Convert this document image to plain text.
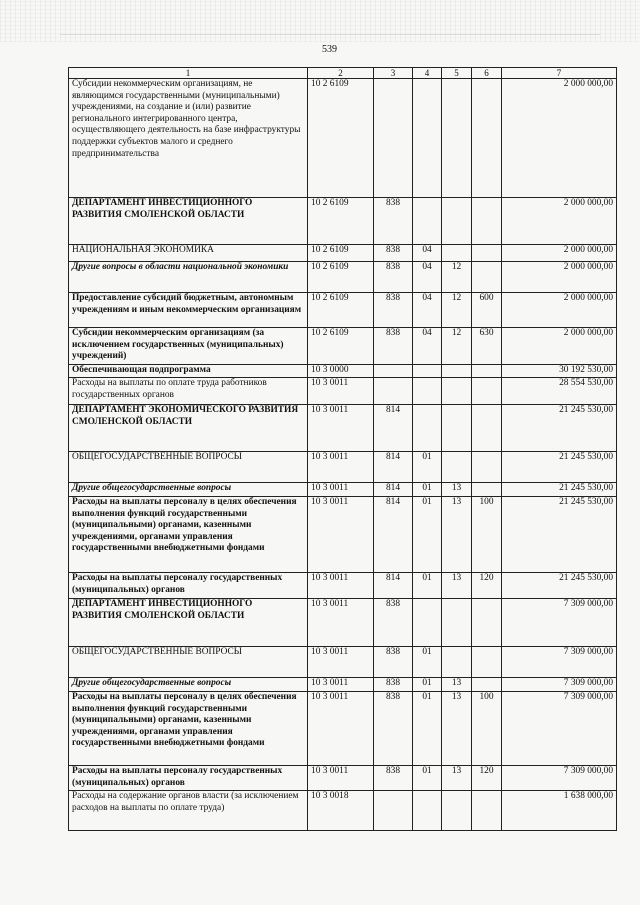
539
1	2	3	4	5	6	7
Субсидии некоммерческим организациям, не являющимся государственными (муниципальными) учреждениями, на создание и (или) развитие регионального интегрированного центра, осуществляющего деятельность на базе инфраструктуры поддержки субъектов малого и среднего предпринимательства	10 2 6109					2 000 000,00
ДЕПАРТАМЕНТ ИНВЕСТИЦИОННОГО РАЗВИТИЯ СМОЛЕНСКОЙ ОБЛАСТИ	10 2 6109	838				2 000 000,00
НАЦИОНАЛЬНАЯ ЭКОНОМИКА	10 2 6109	838	04			2 000 000,00
Другие вопросы в области национальной экономики	10 2 6109	838	04	12		2 000 000,00
Предоставление субсидий бюджетным, автономным учреждениям и иным некоммерческим организациям	10 2 6109	838	04	12	600	2 000 000,00
Субсидии некоммерческим организациям (за исключением государственных (муниципальных) учреждений)	10 2 6109	838	04	12	630	2 000 000,00
Обеспечивающая подпрограмма	10 3 0000					30 192 530,00
Расходы на выплаты по оплате труда работников государственных органов	10 3 0011					28 554 530,00
ДЕПАРТАМЕНТ ЭКОНОМИЧЕСКОГО РАЗВИТИЯ СМОЛЕНСКОЙ ОБЛАСТИ	10 3 0011	814				21 245 530,00
ОБЩЕГОСУДАРСТВЕННЫЕ ВОПРОСЫ	10 3 0011	814	01			21 245 530,00
Другие общегосударственные вопросы	10 3 0011	814	01	13		21 245 530,00
Расходы на выплаты персоналу в целях обеспечения выполнения функций государственными (муниципальными) органами, казенными учреждениями, органами управления государственными внебюджетными фондами	10 3 0011	814	01	13	100	21 245 530,00
Расходы на выплаты персоналу государственных (муниципальных) органов	10 3 0011	814	01	13	120	21 245 530,00
ДЕПАРТАМЕНТ ИНВЕСТИЦИОННОГО РАЗВИТИЯ СМОЛЕНСКОЙ ОБЛАСТИ	10 3 0011	838				7 309 000,00
ОБЩЕГОСУДАРСТВЕННЫЕ ВОПРОСЫ	10 3 0011	838	01			7 309 000,00
Другие общегосударственные вопросы	10 3 0011	838	01	13		7 309 000,00
Расходы на выплаты персоналу в целях обеспечения выполнения функций государственными (муниципальными) органами, казенными учреждениями, органами управления государственными внебюджетными фондами	10 3 0011	838	01	13	100	7 309 000,00
Расходы на выплаты персоналу государственных (муниципальных) органов	10 3 0011	838	01	13	120	7 309 000,00
Расходы на содержание органов власти (за исключением расходов на выплаты по оплате труда)	10 3 0018					1 638 000,00
